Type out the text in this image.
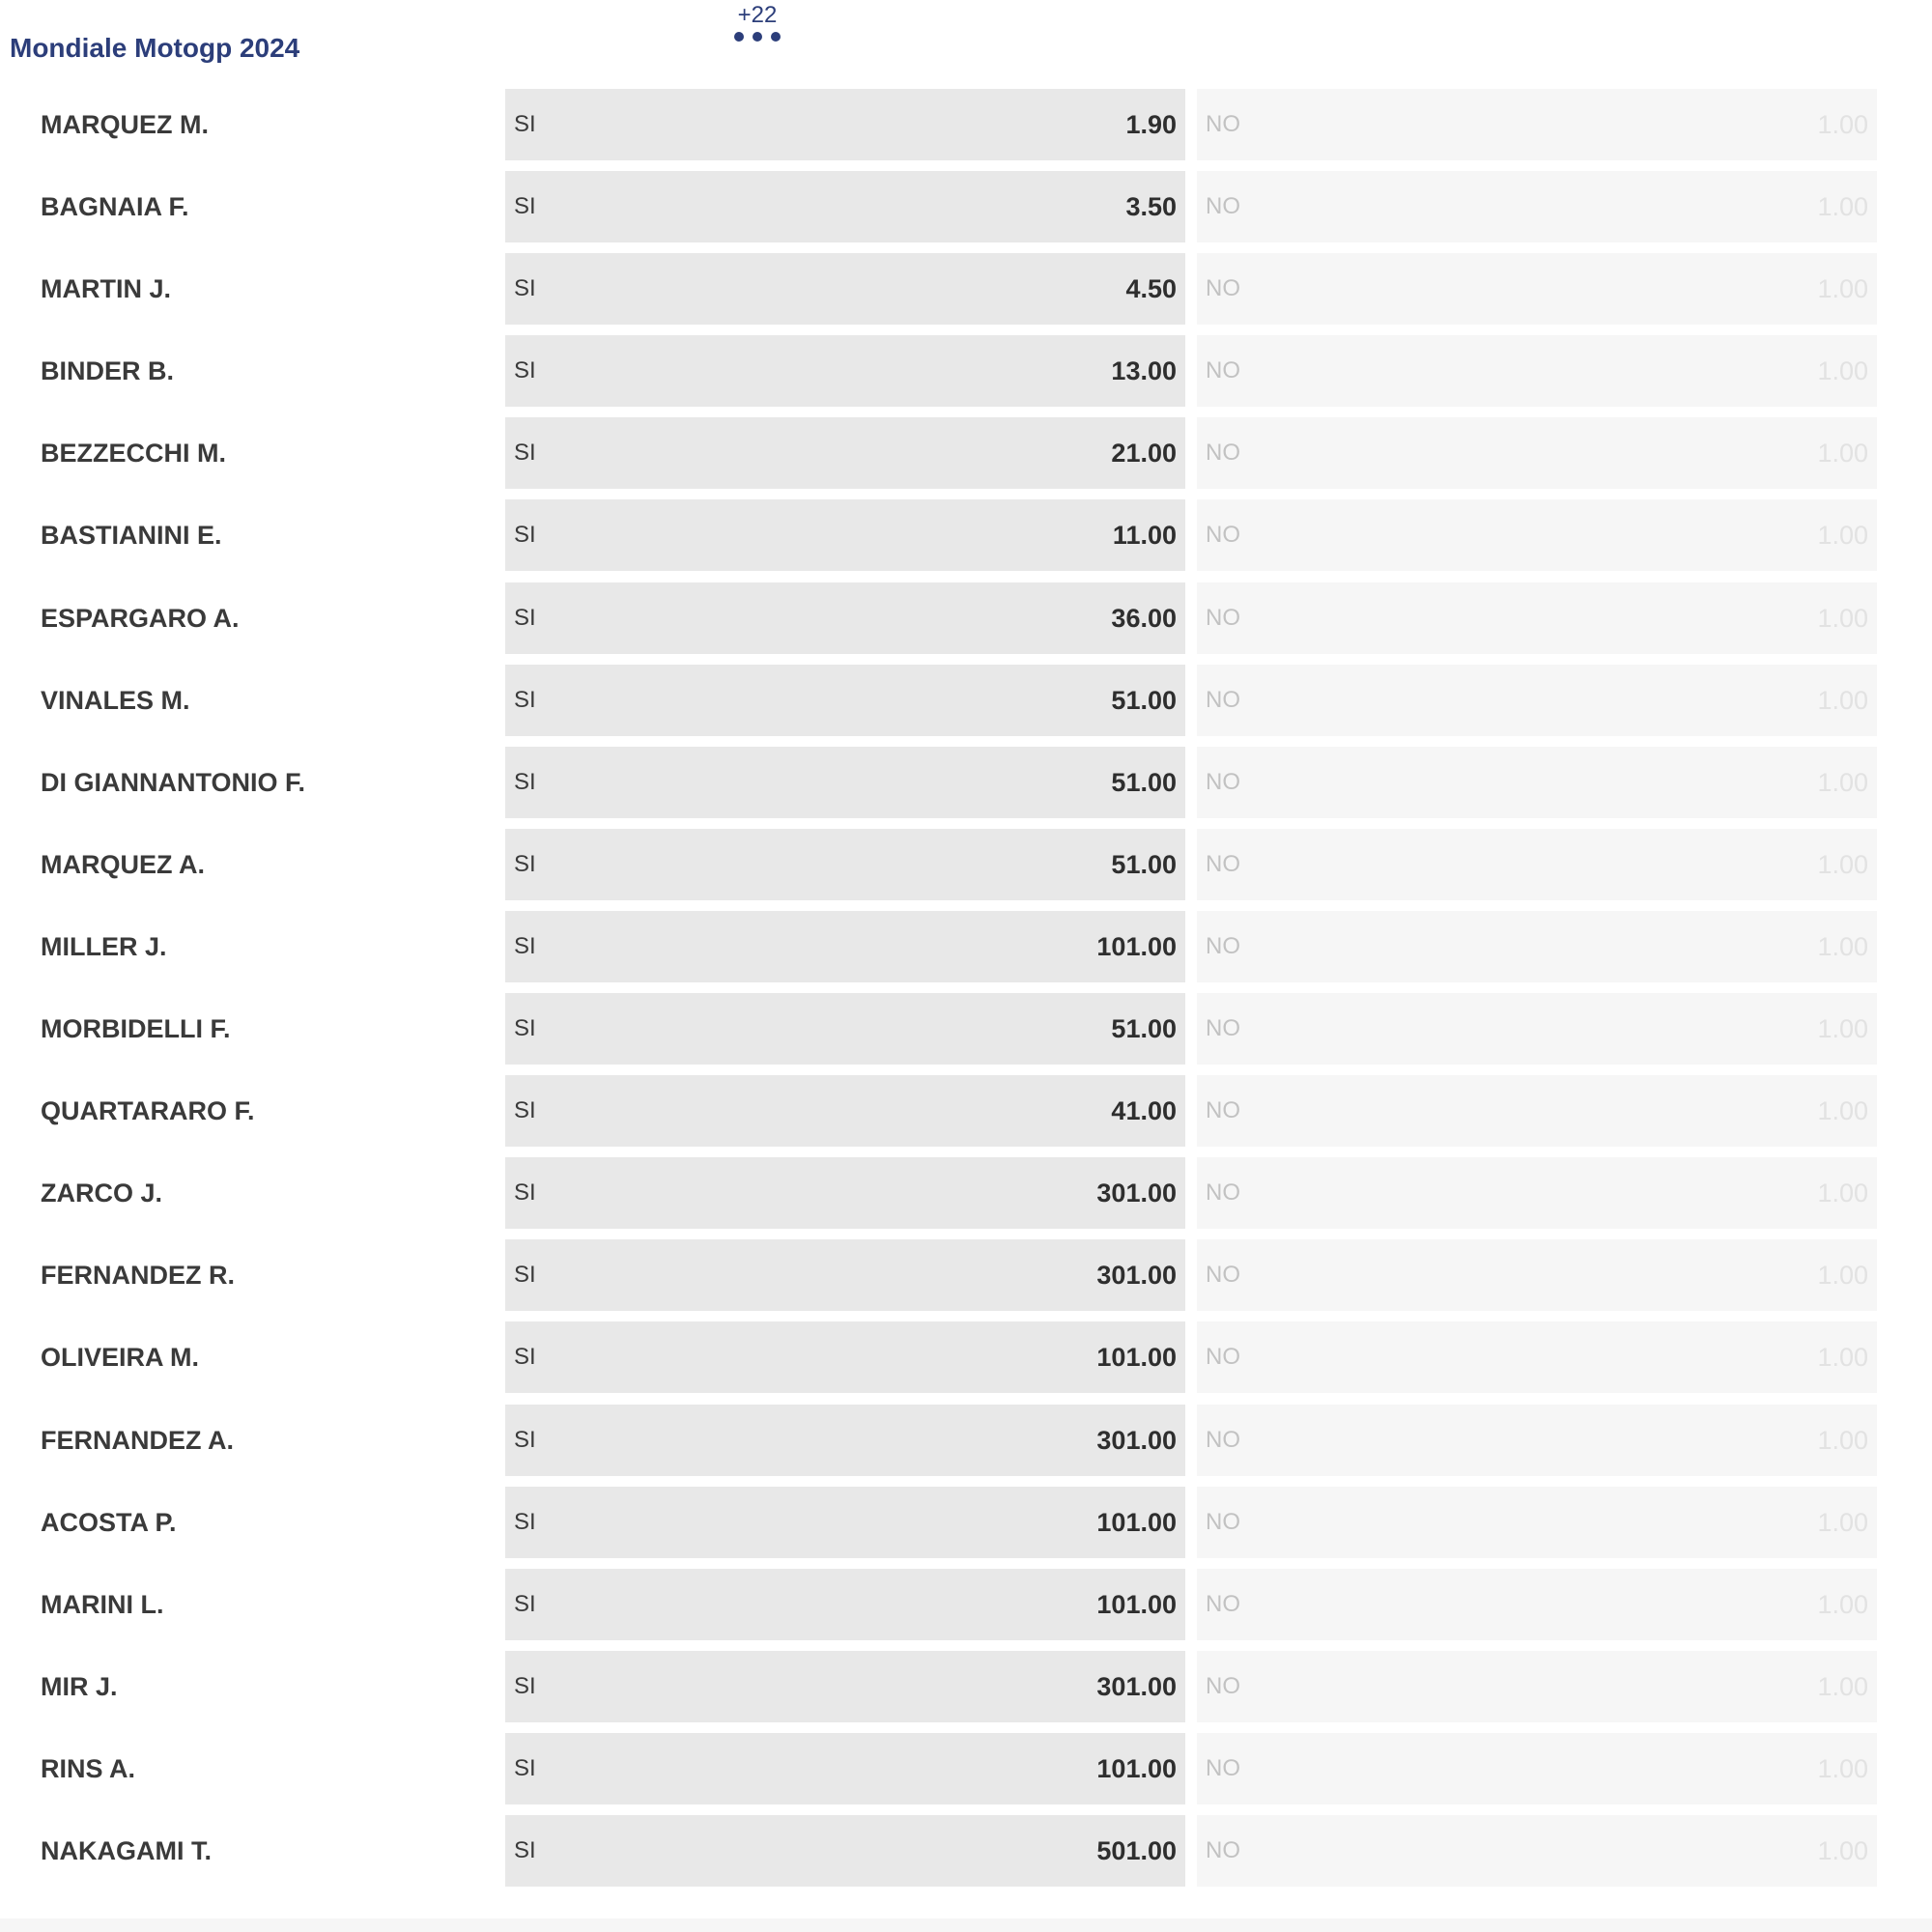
Mondiale Motogp 2024
+22
MARQUEZ M.	SI	1.90 NO	1.00
BAGNAIA F.	SI	3.50 NO	1.00
MARTIN J.	SI	4.50 NO	1.00
BINDER B.	SI	13.00 NO	1.00
BEZZECCHI M.	SI	21.00 NO	1.00
BASTIANINI E.	SI	11.00 NO	1.00
ESPARGARO A.	SI	36.00 NO	1.00
VINALES M.	SI	51.00 NO	1.00
DI GIANNANTONIO F.	SI	51.00 NO	1.00
MARQUEZ A.	SI	51.00 NO	1.00
MILLER J.	SI	101.00 NO	1.00
MORBIDELLI F.	SI	51.00 NO	1.00
QUARTARARO F.	SI	41.00 NO	1.00
ZARCO J.	SI	301.00 NO	1.00
FERNANDEZ R.	SI	301.00 NO	1.00
OLIVEIRA M.	SI	101.00 NO	1.00
FERNANDEZ A.	SI	301.00 NO	1.00
ACOSTA P.	SI	101.00 NO	1.00
MARINI L.	SI	101.00 NO	1.00
MIR J.	SI	301.00 NO	1.00
RINS A.	SI	101.00 NO	1.00
NAKAGAMI T.	SI	501.00 NO	1.00
